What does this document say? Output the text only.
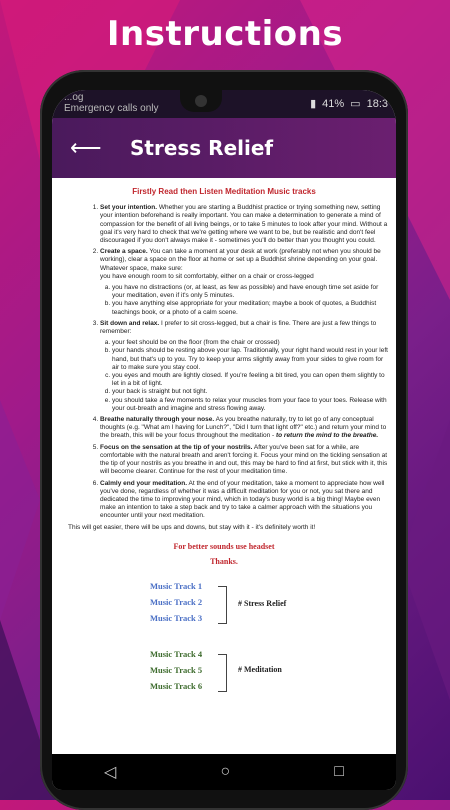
Instructions
...og
Emergency calls only	▮ 41% ▭ 18:3
⟵	Stress Relief
Firstly Read then Listen Meditation Music tracks
1. Set your intention. Whether you are starting a Buddhist practice or trying something new, setting your intention beforehand is really important. You can make a determination to generate a mind of compassion for the benefit of all living beings, or to take 5 minutes to look after your mind. Without a goal it's very hard to check that we're getting where we want to be, but be realistic and don't feel discouraged if you don't always make it - sometimes you'll do better than you thought you could.
2. Create a space. You can take a moment at your desk at work (preferably not when you should be working), clear a space on the floor at home or set up a Buddhist shrine depending on your goal. Whatever space, make sure:
you have enough room to sit comfortably, either on a chair or cross-legged
a. you have no distractions (or, at least, as few as possible) and have enough time set aside for your meditation, even if it's only 5 minutes.
b. you have anything else appropriate for your meditation; maybe a book of quotes, a Buddhist teachings book, or a photo of a calm scene.
3. Sit down and relax. I prefer to sit cross-legged, but a chair is fine. There are just a few things to remember:
a. your feet should be on the floor (from the chair or crossed)
b. your hands should be resting above your lap. Traditionally, your right hand would rest in your left hand, but that's up to you. Try to keep your arms slightly away from your sides to give room for air to make sure you stay cool.
c. you eyes and mouth are lightly closed. If you're feeling a bit tired, you can open them slightly to let in a bit of light.
d. your back is straight but not tight.
e. you should take a few moments to relax your muscles from your face to your toes. Release with your out-breath and imagine and stress flowing away.
4. Breathe naturally through your nose. As you breathe naturally, try to let go of any conceptual thoughts (e.g. "What am I having for Lunch?", "Did I turn that light off?" etc.) and return your mind to the breath, this will be your focus throughout the meditation - to return the mind to the breathe.
5. Focus on the sensation at the tip of your nostrils. After you've been sat for a while, are comfortable with the natural breath and aren't forcing it. Focus your mind on the tickling sensation at the tip of your nostrils as you breathe in and out, this may be hard to find at first, but stick with it, this will become clearer. Continue for the rest of your meditation time.
6. Calmly end your meditation. At the end of your meditation, take a moment to appreciate how well you've done, regardless of whether it was a difficult meditation for you or not, you sat there and dedicated the time to improving your mind, which in today's busy world is a big thing! Maybe even make an intention to take a step back and try to take a calmer approach with the situations you encounter until your next meditation.
This will get easier, there will be ups and downs, but stay with it - it's definitely worth it!
For better sounds use headset
Thanks.
Music Track 1
Music Track 2
Music Track 3
# Stress Relief
Music Track 4
Music Track 5
Music Track 6
# Meditation
◁	○	□
